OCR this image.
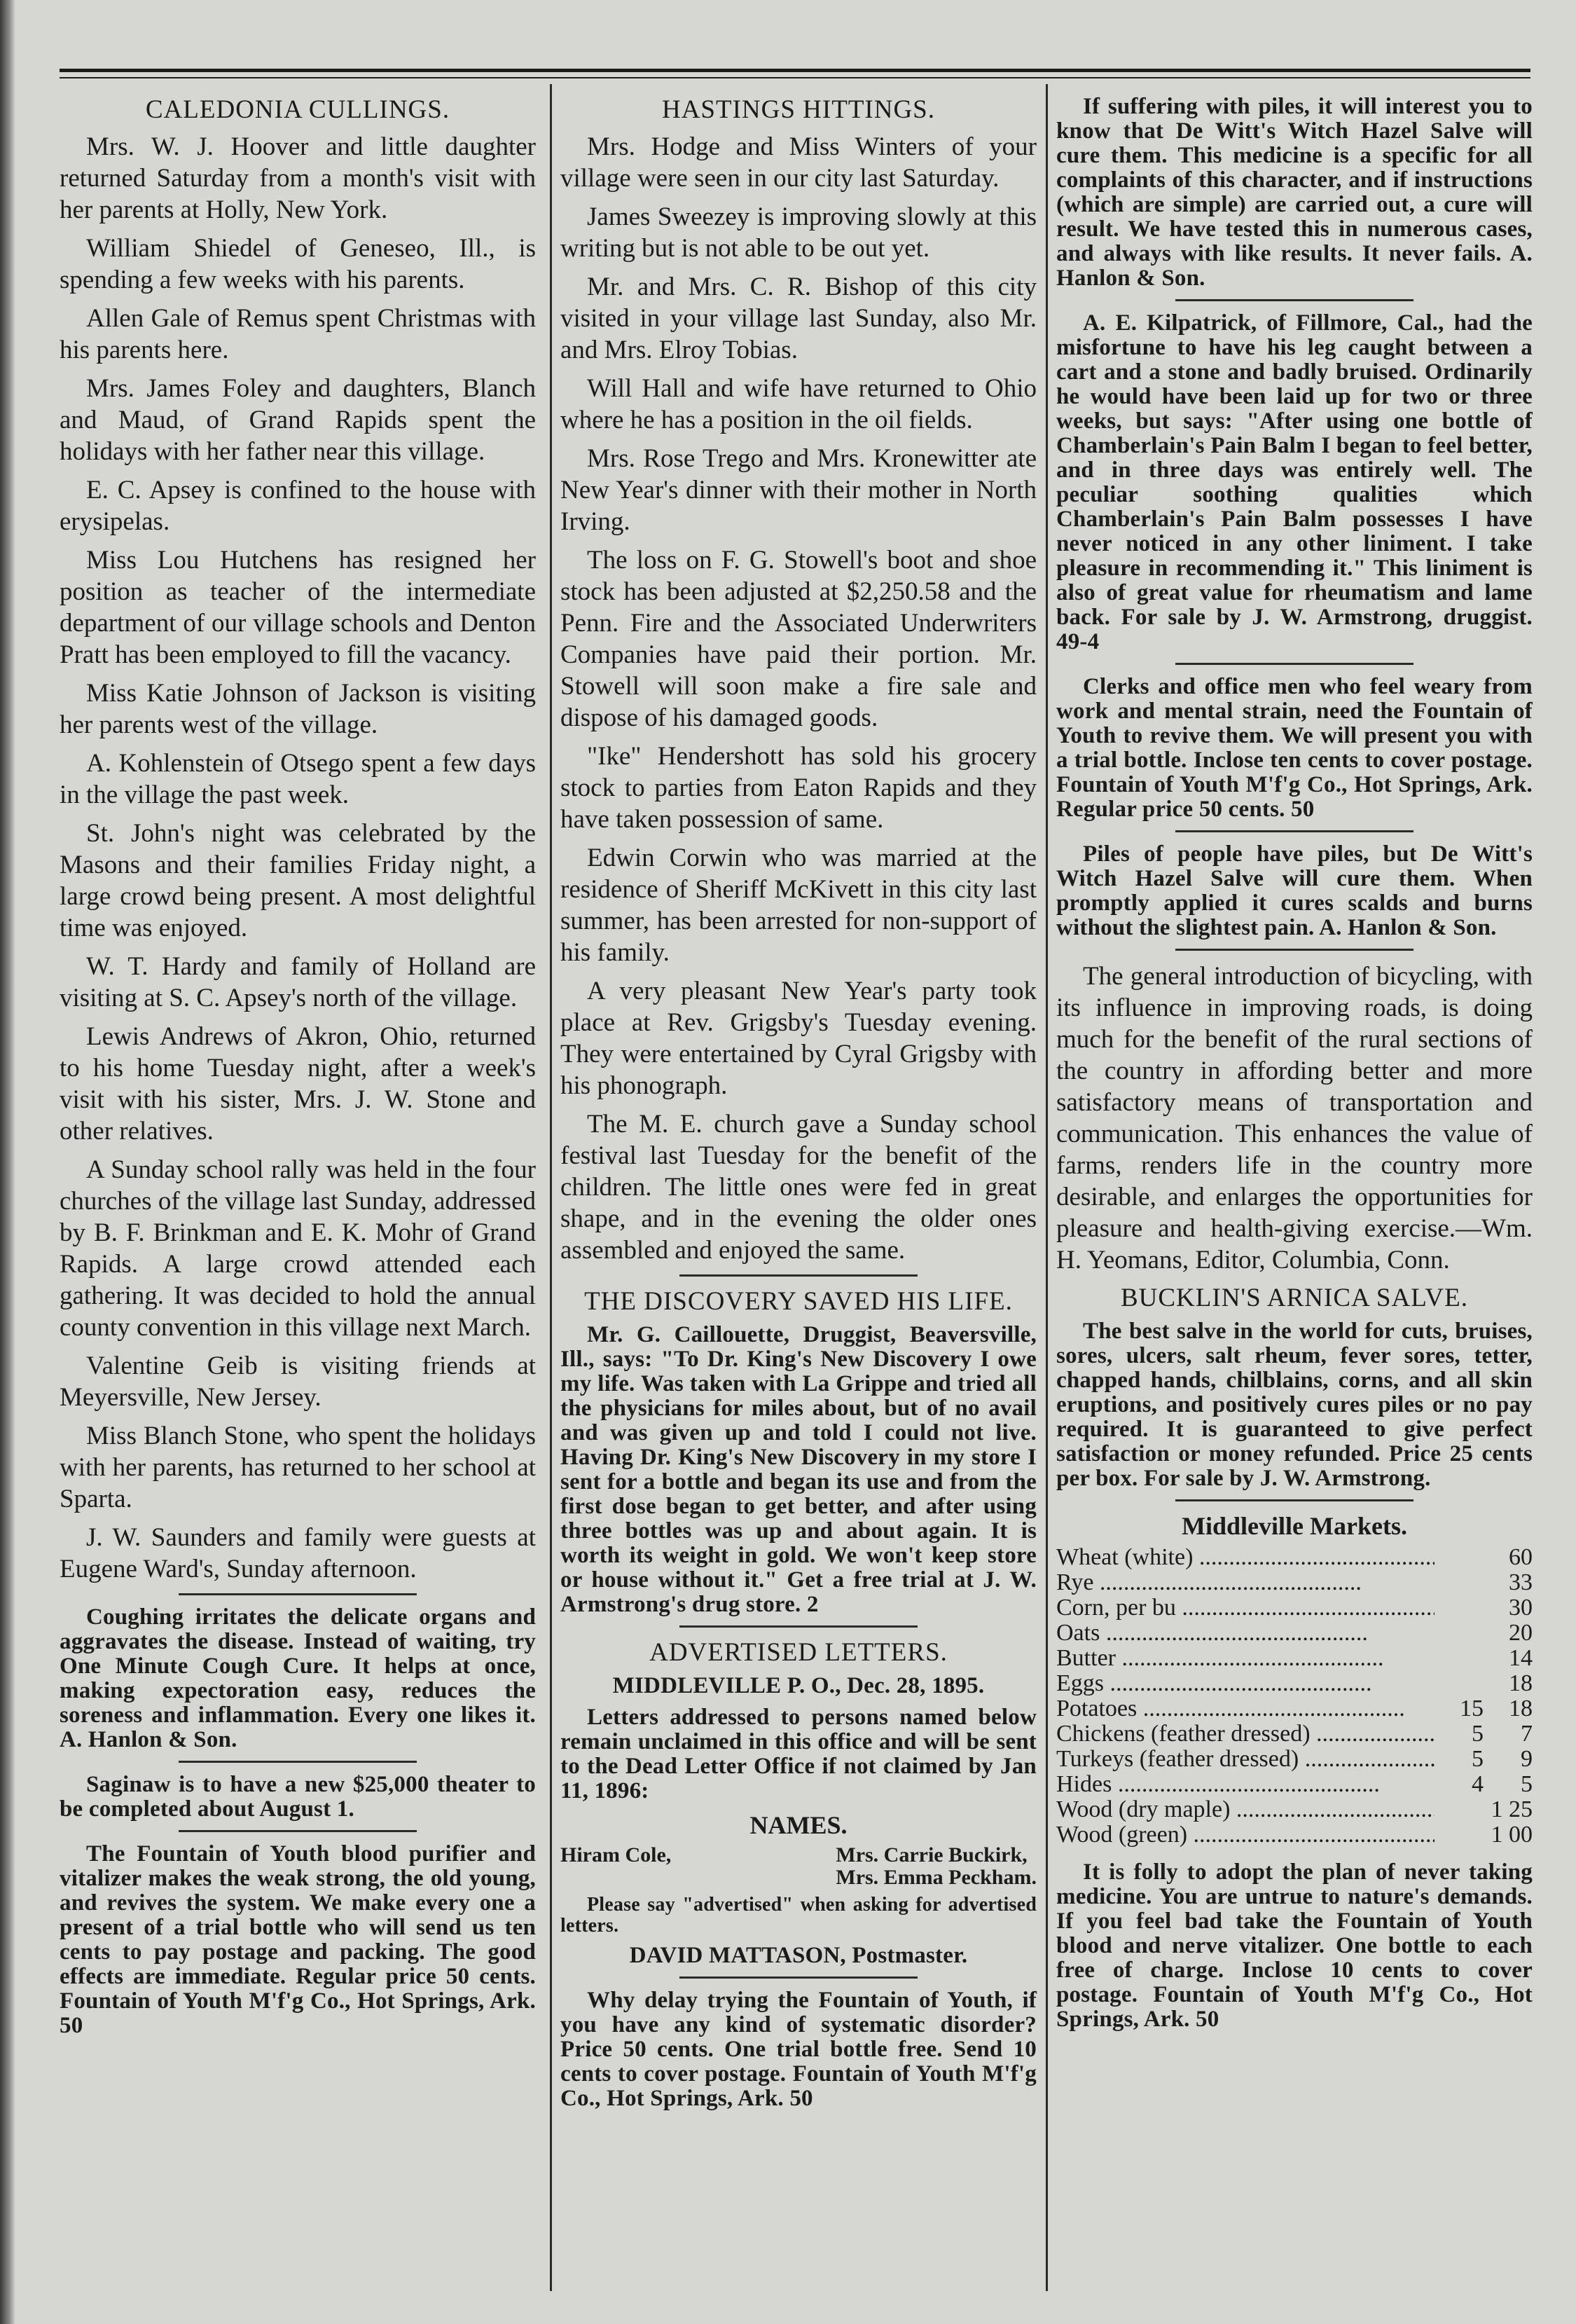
CALEDONIA CULLINGS.

Mrs. W. J. Hoover and little daughter returned Saturday from a month's visit with her parents at Holly, New York.

William Shiedel of Geneseo, Ill., is spending a few weeks with his parents.

Allen Gale of Remus spent Christmas with his parents here.

Mrs. James Foley and daughters, Blanch and Maud, of Grand Rapids spent the holidays with her father near this village.

E. C. Apsey is confined to the house with erysipelas.

Miss Lou Hutchens has resigned her position as teacher of the intermediate department of our village schools and Denton Pratt has been employed to fill the vacancy.

Miss Katie Johnson of Jackson is visiting her parents west of the village.

A. Kohlenstein of Otsego spent a few days in the village the past week.

St. John's night was celebrated by the Masons and their families Friday night, a large crowd being present. A most delightful time was enjoyed.

W. T. Hardy and family of Holland are visiting at S. C. Apsey's north of the village.

Lewis Andrews of Akron, Ohio, returned to his home Tuesday night, after a week's visit with his sister, Mrs. J. W. Stone and other relatives.

A Sunday school rally was held in the four churches of the village last Sunday, addressed by B. F. Brinkman and E. K. Mohr of Grand Rapids. A large crowd attended each gathering. It was decided to hold the annual county convention in this village next March.

Valentine Geib is visiting friends at Meyersville, New Jersey.

Miss Blanch Stone, who spent the holidays with her parents, has returned to her school at Sparta.

J. W. Saunders and family were guests at Eugene Ward's, Sunday afternoon.

Coughing irritates the delicate organs and aggravates the disease. Instead of waiting, try One Minute Cough Cure. It helps at once, making expectoration easy, reduces the soreness and inflammation. Every one likes it. A. Hanlon & Son.

Saginaw is to have a new $25,000 theater to be completed about August 1.

The Fountain of Youth blood purifier and vitalizer makes the weak strong, the old young, and revives the system. We make every one a present of a trial bottle who will send us ten cents to pay postage and packing. The good effects are immediate. Regular price 50 cents. Fountain of Youth M'f'g Co., Hot Springs, Ark. 50

HASTINGS HITTINGS.

Mrs. Hodge and Miss Winters of your village were seen in our city last Saturday.

James Sweezey is improving slowly at this writing but is not able to be out yet.

Mr. and Mrs. C. R. Bishop of this city visited in your village last Sunday, also Mr. and Mrs. Elroy Tobias.

Will Hall and wife have returned to Ohio where he has a position in the oil fields.

Mrs. Rose Trego and Mrs. Kronewitter ate New Year's dinner with their mother in North Irving.

The loss on F. G. Stowell's boot and shoe stock has been adjusted at $2,250.58 and the Penn. Fire and the Associated Underwriters Companies have paid their portion. Mr. Stowell will soon make a fire sale and dispose of his damaged goods.

"Ike" Hendershott has sold his grocery stock to parties from Eaton Rapids and they have taken possession of same.

Edwin Corwin who was married at the residence of Sheriff McKivett in this city last summer, has been arrested for non-support of his family.

A very pleasant New Year's party took place at Rev. Grigsby's Tuesday evening. They were entertained by Cyral Grigsby with his phonograph.

The M. E. church gave a Sunday school festival last Tuesday for the benefit of the children. The little ones were fed in great shape, and in the evening the older ones assembled and enjoyed the same.

THE DISCOVERY SAVED HIS LIFE.

Mr. G. Caillouette, Druggist, Beaversville, Ill., says: "To Dr. King's New Discovery I owe my life. Was taken with La Grippe and tried all the physicians for miles about, but of no avail and was given up and told I could not live. Having Dr. King's New Discovery in my store I sent for a bottle and began its use and from the first dose began to get better, and after using three bottles was up and about again. It is worth its weight in gold. We won't keep store or house without it." Get a free trial at J. W. Armstrong's drug store. 2

ADVERTISED LETTERS.

MIDDLEVILLE P. O., Dec. 28, 1895.

Letters addressed to persons named below remain unclaimed in this office and will be sent to the Dead Letter Office if not claimed by Jan 11, 1896:

NAMES.
Hiram Cole,	Mrs. Carrie Buckirk,
Mrs. Emma Peckham.

Please say "advertised" when asking for advertised letters.

DAVID MATTASON, Postmaster.

Why delay trying the Fountain of Youth, if you have any kind of systematic disorder? Price 50 cents. One trial bottle free. Send 10 cents to cover postage. Fountain of Youth M'f'g Co., Hot Springs, Ark. 50

If suffering with piles, it will interest you to know that De Witt's Witch Hazel Salve will cure them. This medicine is a specific for all complaints of this character, and if instructions (which are simple) are carried out, a cure will result. We have tested this in numerous cases, and always with like results. It never fails. A. Hanlon & Son.

A. E. Kilpatrick, of Fillmore, Cal., had the misfortune to have his leg caught between a cart and a stone and badly bruised. Ordinarily he would have been laid up for two or three weeks, but says: "After using one bottle of Chamberlain's Pain Balm I began to feel better, and in three days was entirely well. The peculiar soothing qualities which Chamberlain's Pain Balm possesses I have never noticed in any other liniment. I take pleasure in recommending it." This liniment is also of great value for rheumatism and lame back. For sale by J. W. Armstrong, druggist. 49-4

Clerks and office men who feel weary from work and mental strain, need the Fountain of Youth to revive them. We will present you with a trial bottle. Inclose ten cents to cover postage. Fountain of Youth M'f'g Co., Hot Springs, Ark. Regular price 50 cents. 50

Piles of people have piles, but De Witt's Witch Hazel Salve will cure them. When promptly applied it cures scalds and burns without the slightest pain. A. Hanlon & Son.

The general introduction of bicycling, with its influence in improving roads, is doing much for the benefit of the rural sections of the country in affording better and more satisfactory means of transportation and communication. This enhances the value of farms, renders life in the country more desirable, and enlarges the opportunities for pleasure and health-giving exercise.—Wm. H. Yeomans, Editor, Columbia, Conn.

BUCKLIN'S ARNICA SALVE.

The best salve in the world for cuts, bruises, sores, ulcers, salt rheum, fever sores, tetter, chapped hands, chilblains, corns, and all skin eruptions, and positively cures piles or no pay required. It is guaranteed to give perfect satisfaction or money refunded. Price 25 cents per box. For sale by J. W. Armstrong.

Middleville Markets.
Wheat (white) .....		60
Rye .....		33
Corn, per bu .....		30
Oats .....		20
Butter .....		14
Eggs .....		18
Potatoes .....	15	18
Chickens (feather dressed) .....	5	7
Turkeys (feather dressed) .....	5	9
Hides .....	4	5
Wood (dry maple) .....		1 25
Wood (green) .....		1 00

It is folly to adopt the plan of never taking medicine. You are untrue to nature's demands. If you feel bad take the Fountain of Youth blood and nerve vitalizer. One bottle to each free of charge. Inclose 10 cents to cover postage. Fountain of Youth M'f'g Co., Hot Springs, Ark. 50
